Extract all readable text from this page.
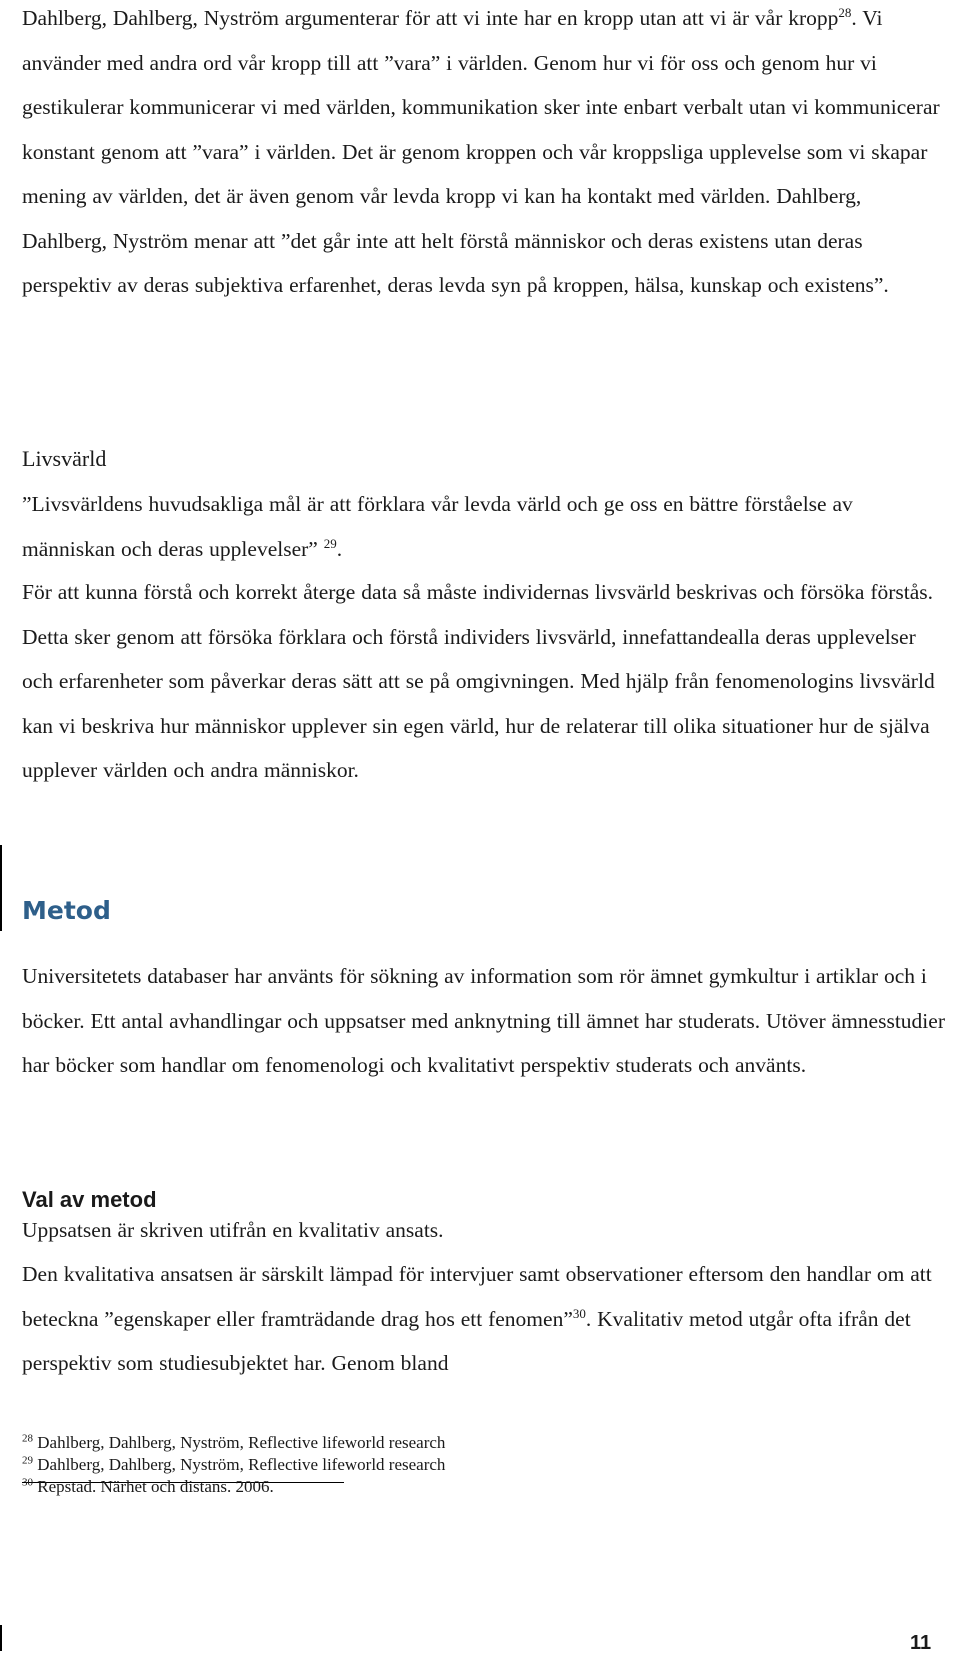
Dahlberg, Dahlberg, Nyström argumenterar för att vi inte har en kropp utan att vi är vår kropp$^{28}$. Vi använder med andra ord vår kropp till att ”vara” i världen. Genom hur vi för oss och genom hur vi gestikulerar kommunicerar vi med världen, kommunikation sker inte enbart verbalt utan vi kommunicerar konstant genom att ”vara” i världen. Det är genom kroppen och vår kroppsliga upplevelse som vi skapar mening av världen, det är även genom vår levda kropp vi kan ha kontakt med världen. Dahlberg, Dahlberg, Nyström menar att ”det går inte att helt förstå människor och deras existens utan deras perspektiv av deras subjektiva erfarenhet, deras levda syn på kroppen, hälsa, kunskap och existens”.

Livsvärld

”Livsvärldens huvudsakliga mål är att förklara vår levda värld och ge oss en bättre förståelse av människan och deras upplevelser” $^{29}$.

För att kunna förstå och korrekt återge data så måste individernas livsvärld beskrivas och försöka förstås. Detta sker genom att försöka förklara och förstå individers livsvärld, innefattandealla deras upplevelser och erfarenheter som påverkar deras sätt att se på omgivningen. Med hjälp från fenomenologins livsvärld kan vi beskriva hur människor upplever sin egen värld, hur de relaterar till olika situationer hur de själva upplever världen och andra människor.

Metod

Universitetets databaser har använts för sökning av information som rör ämnet gymkultur i artiklar och i böcker. Ett antal avhandlingar och uppsatser med anknytning till ämnet har studerats. Utöver ämnesstudier har böcker som handlar om fenomenologi och kvalitativt perspektiv studerats och använts.

Val av metod

Uppsatsen är skriven utifrån en kvalitativ ansats.

Den kvalitativa ansatsen är särskilt lämpad för intervjuer samt observationer eftersom den handlar om att beteckna ”egenskaper eller framträdande drag hos ett fenomen”$^{30}$. Kvalitativ metod utgår ofta ifrån det perspektiv som studiesubjektet har. Genom bland

$^{28}$ Dahlberg, Dahlberg, Nyström, Reflective lifeworld research

$^{29}$ Dahlberg, Dahlberg, Nyström, Reflective lifeworld research

$^{30}$ Repstad. Närhet och distans. 2006.

11
